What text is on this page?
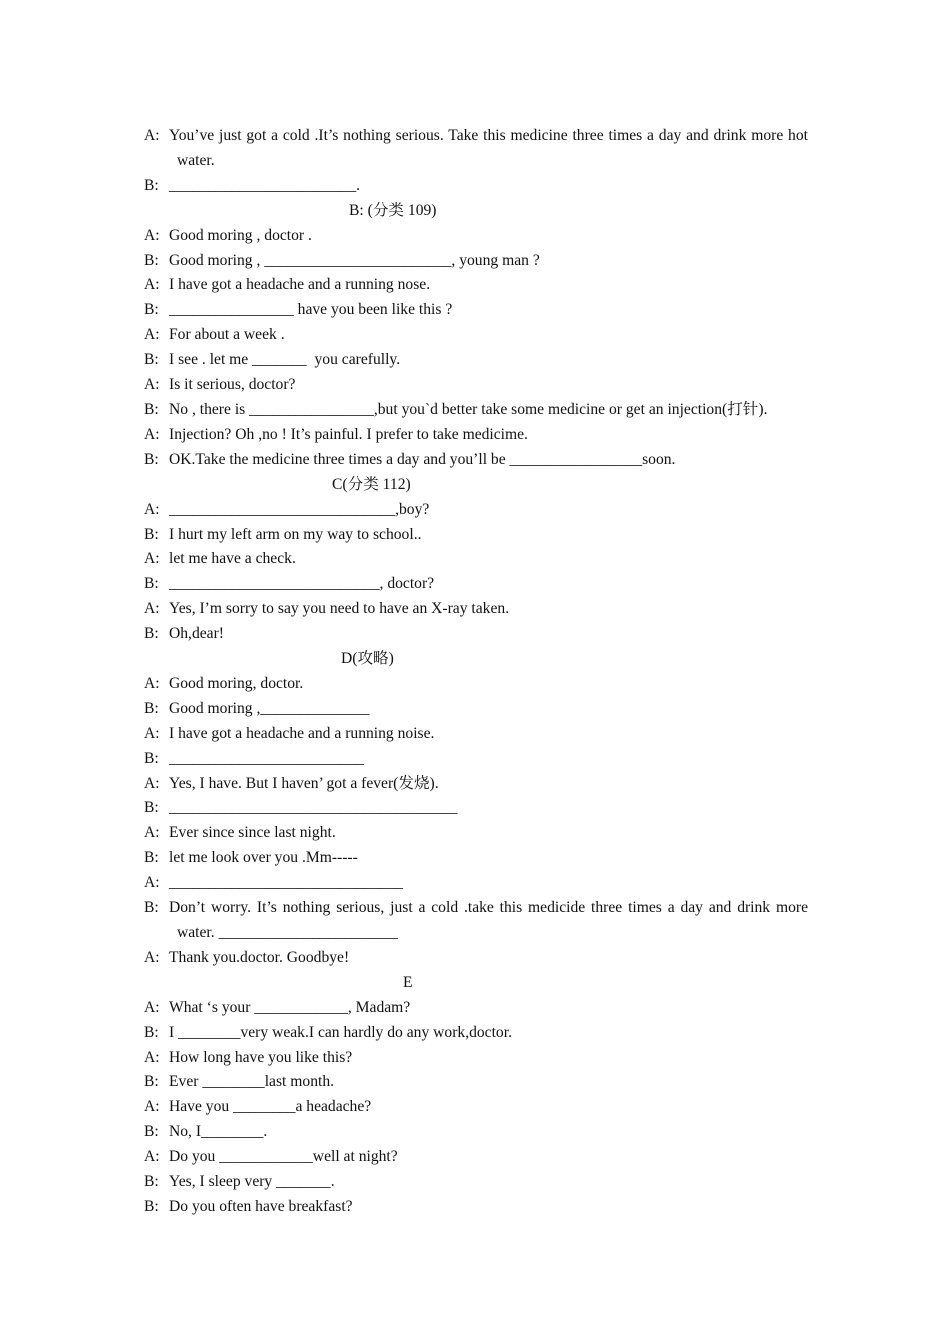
A: You’ve just got a cold .It’s nothing serious. Take this medicine three times a day and drink more hot water.
B: ________________________.
B: (分类 109)
A: Good moring , doctor .
B: Good moring , ________________________, young man ?
A: I have got a headache and a running nose.
B: ________________ have you been like this ?
A: For about a week .
B: I see . let me _______  you carefully.
A: Is it serious, doctor?
B: No , there is ________________,but you`d better take some medicine or get an injection(打针).
A: Injection? Oh ,no ! It’s painful. I prefer to take medicime.
B: OK.Take the medicine three times a day and you’ll be _________________soon.
C(分类 112)
A: _____________________________,boy?
B: I hurt my left arm on my way to school..
A: let me have a check.
B: ___________________________, doctor?
A: Yes, I’m sorry to say you need to have an X-ray taken.
B: Oh,dear!
D(攻略)
A: Good moring, doctor.
B: Good moring ,______________
A: I have got a headache and a running noise.
B: _________________________
A: Yes, I have. But I haven’ got a fever(发烧).
B: _____________________________________
A: Ever since since last night.
B: let me look over you .Mm-----
A: ______________________________
B: Don’t worry. It’s nothing serious, just a cold .take this medicide three times a day and drink more water. _______________________
A: Thank you.doctor. Goodbye!
E
A: What ‘s your ____________, Madam?
B: I ________very weak.I can hardly do any work,doctor.
A: How long have you like this?
B: Ever ________last month.
A: Have you ________a headache?
B: No, I________.
A: Do you ____________well at night?
B: Yes, I sleep very _______.
B: Do you often have breakfast?
